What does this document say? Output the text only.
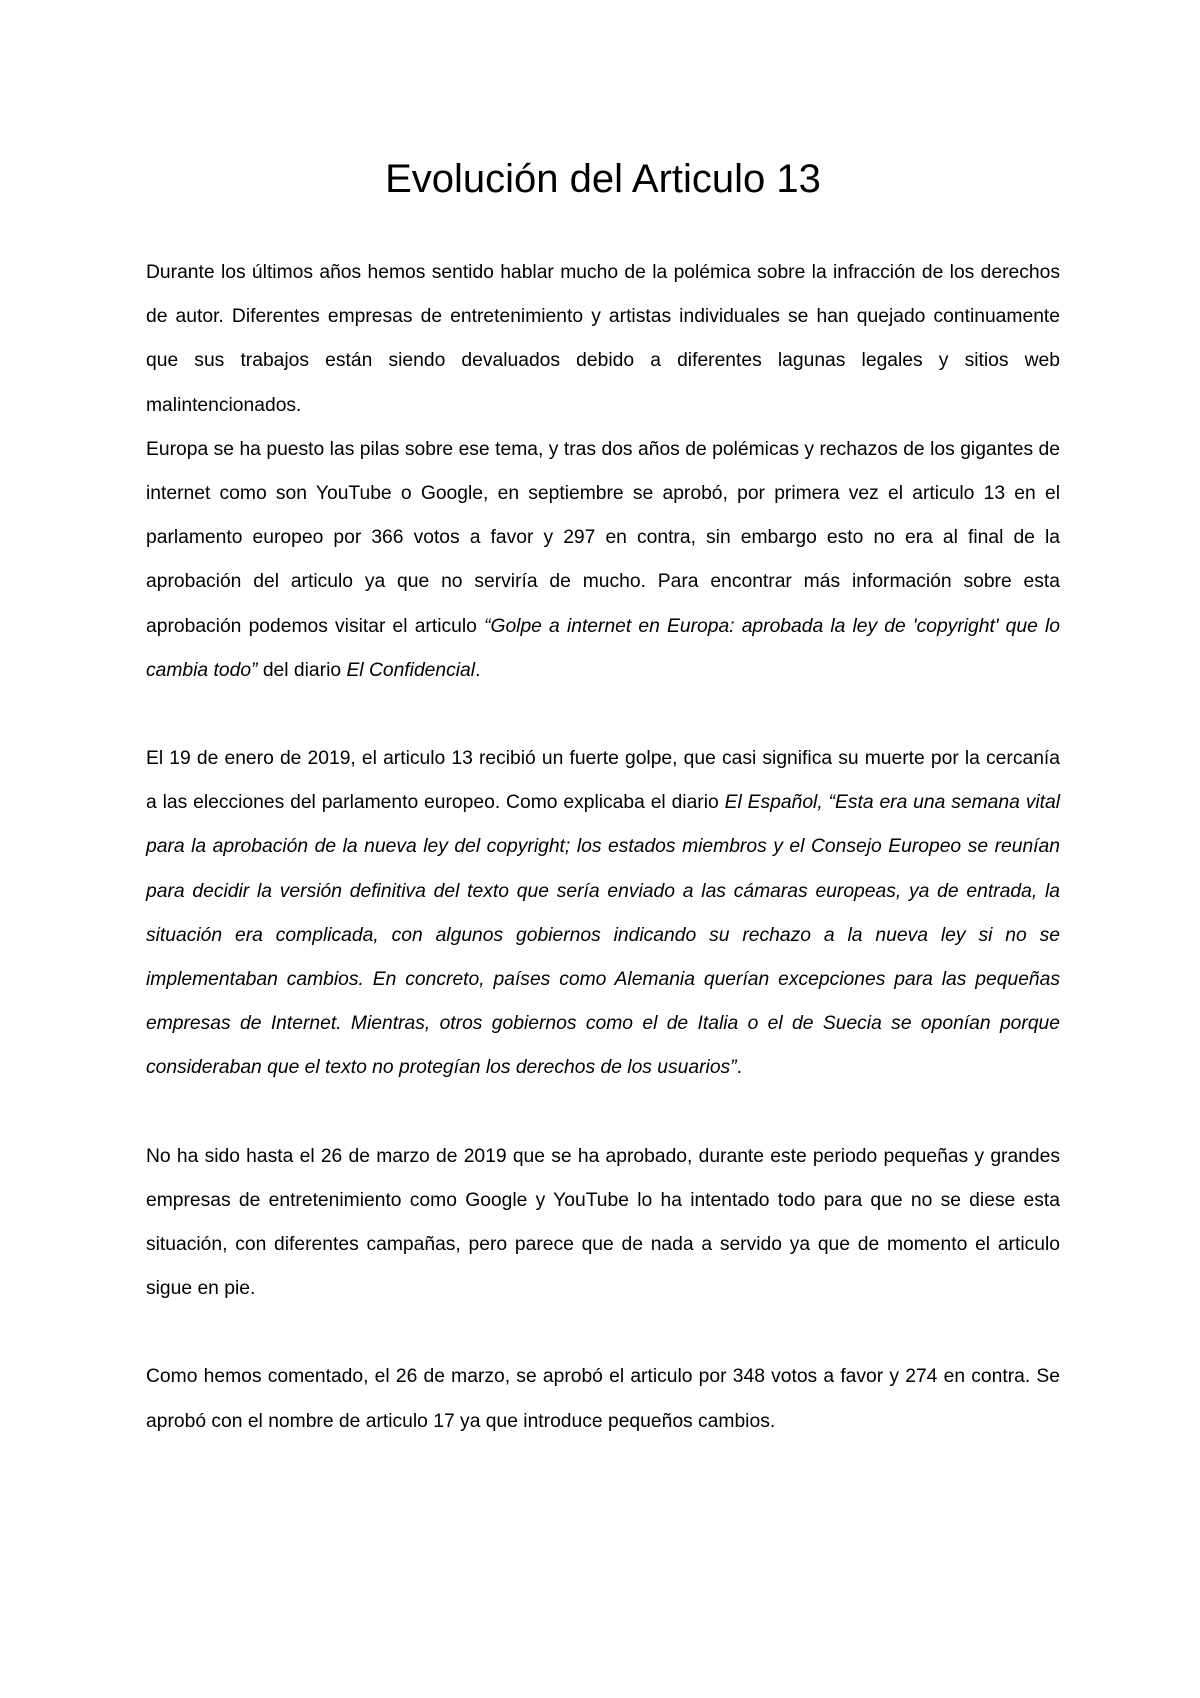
Evolución del Articulo 13

Durante los últimos años hemos sentido hablar mucho de la polémica sobre la infracción de los derechos de autor. Diferentes empresas de entretenimiento y artistas individuales se han quejado continuamente que sus trabajos están siendo devaluados debido a diferentes lagunas legales y sitios web malintencionados.

Europa se ha puesto las pilas sobre ese tema, y tras dos años de polémicas y rechazos de los gigantes de internet como son YouTube o Google, en septiembre se aprobó, por primera vez el articulo 13 en el parlamento europeo por 366 votos a favor y 297 en contra, sin embargo esto no era al final de la aprobación del articulo ya que no serviría de mucho. Para encontrar más información sobre esta aprobación podemos visitar el articulo “Golpe a internet en Europa: aprobada la ley de 'copyright' que lo cambia todo” del diario El Confidencial.

El 19 de enero de 2019, el articulo 13 recibió un fuerte golpe, que casi significa su muerte por la cercanía a las elecciones del parlamento europeo. Como explicaba el diario El Español, “Esta era una semana vital para la aprobación de la nueva ley del copyright; los estados miembros y el Consejo Europeo se reunían para decidir la versión definitiva del texto que sería enviado a las cámaras europeas, ya de entrada, la situación era complicada, con algunos gobiernos indicando su rechazo a la nueva ley si no se implementaban cambios. En concreto, países como Alemania querían excepciones para las pequeñas empresas de Internet. Mientras, otros gobiernos como el de Italia o el de Suecia se oponían porque consideraban que el texto no protegían los derechos de los usuarios”.

No ha sido hasta el 26 de marzo de 2019 que se ha aprobado, durante este periodo pequeñas y grandes empresas de entretenimiento como Google y YouTube lo ha intentado todo para que no se diese esta situación, con diferentes campañas, pero parece que de nada a servido ya que de momento el articulo sigue en pie.

Como hemos comentado, el 26 de marzo, se aprobó el articulo por 348 votos a favor y 274 en contra. Se aprobó con el nombre de articulo 17 ya que introduce pequeños cambios.
